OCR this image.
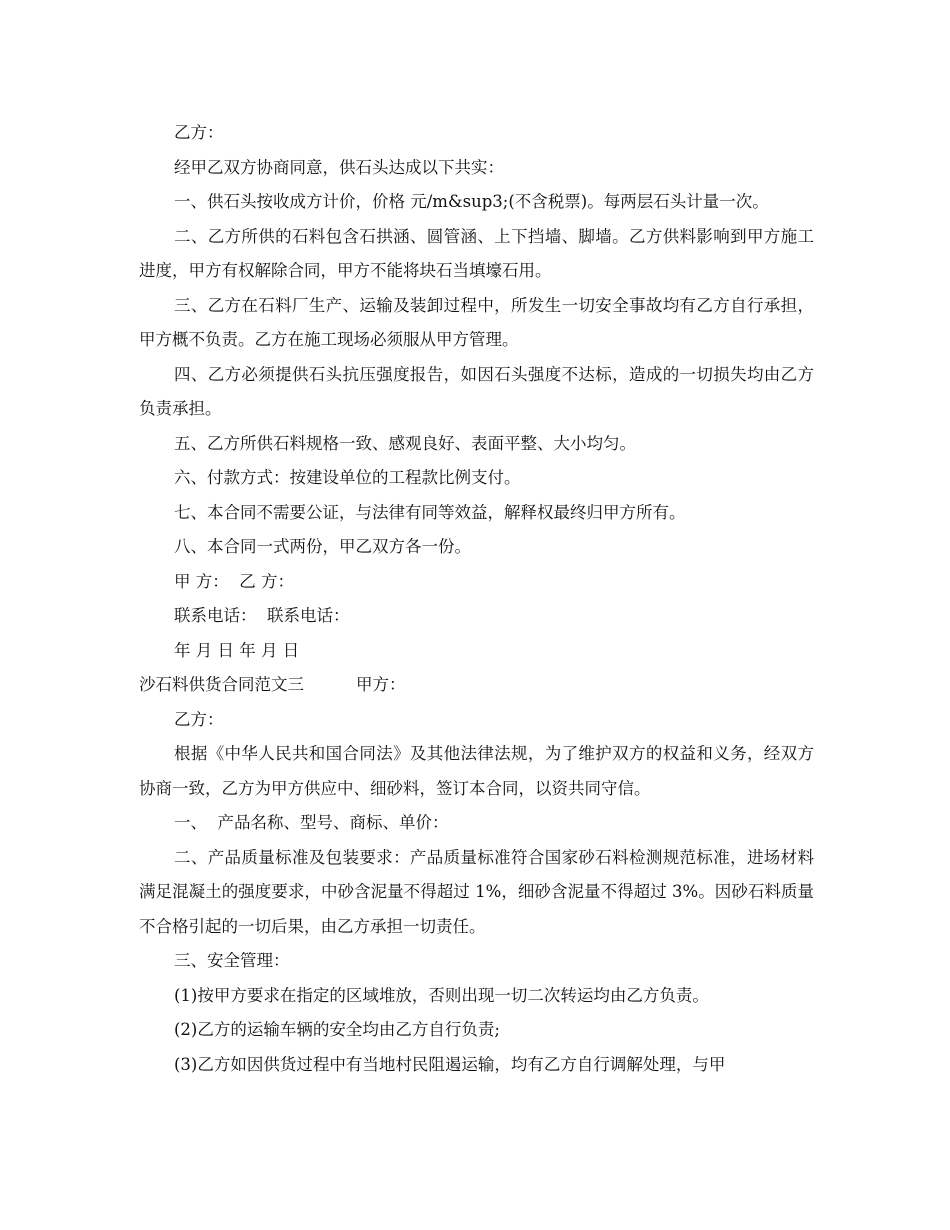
乙方：

经甲乙双方协商同意，供石头达成以下共实：

一、供石头按收成方计价，价格 元/m&sup3;(不含税票)。每两层石头计量一次。

二、乙方所供的石料包含石拱涵、圆管涵、上下挡墙、脚墙。乙方供料影响到甲方施工进度，甲方有权解除合同，甲方不能将块石当填壕石用。

三、乙方在石料厂生产、运输及装卸过程中，所发生一切安全事故均有乙方自行承担，甲方概不负责。乙方在施工现场必须服从甲方管理。

四、乙方必须提供石头抗压强度报告，如因石头强度不达标，造成的一切损失均由乙方负责承担。

五、乙方所供石料规格一致、感观良好、表面平整、大小均匀。

六、付款方式：按建设单位的工程款比例支付。

七、本合同不需要公证，与法律有同等效益，解释权最终归甲方所有。

八、本合同一式两份，甲乙双方各一份。

甲 方：  乙 方：

联系电话：  联系电话：

年 月 日 年 月 日

沙石料供货合同范文三	甲方：

乙方：

根据《中华人民共和国合同法》及其他法律法规，为了维护双方的权益和义务，经双方协商一致，乙方为甲方供应中、细砂料，签订本合同，以资共同守信。

一、  产品名称、型号、商标、单价：

二、产品质量标准及包装要求：产品质量标准符合国家砂石料检测规范标准，进场材料满足混凝土的强度要求，中砂含泥量不得超过 1%，细砂含泥量不得超过 3%。因砂石料质量不合格引起的一切后果，由乙方承担一切责任。

三、安全管理：

(1)按甲方要求在指定的区域堆放，否则出现一切二次转运均由乙方负责。

(2)乙方的运输车辆的安全均由乙方自行负责;

(3)乙方如因供货过程中有当地村民阻遏运输，均有乙方自行调解处理，与甲
